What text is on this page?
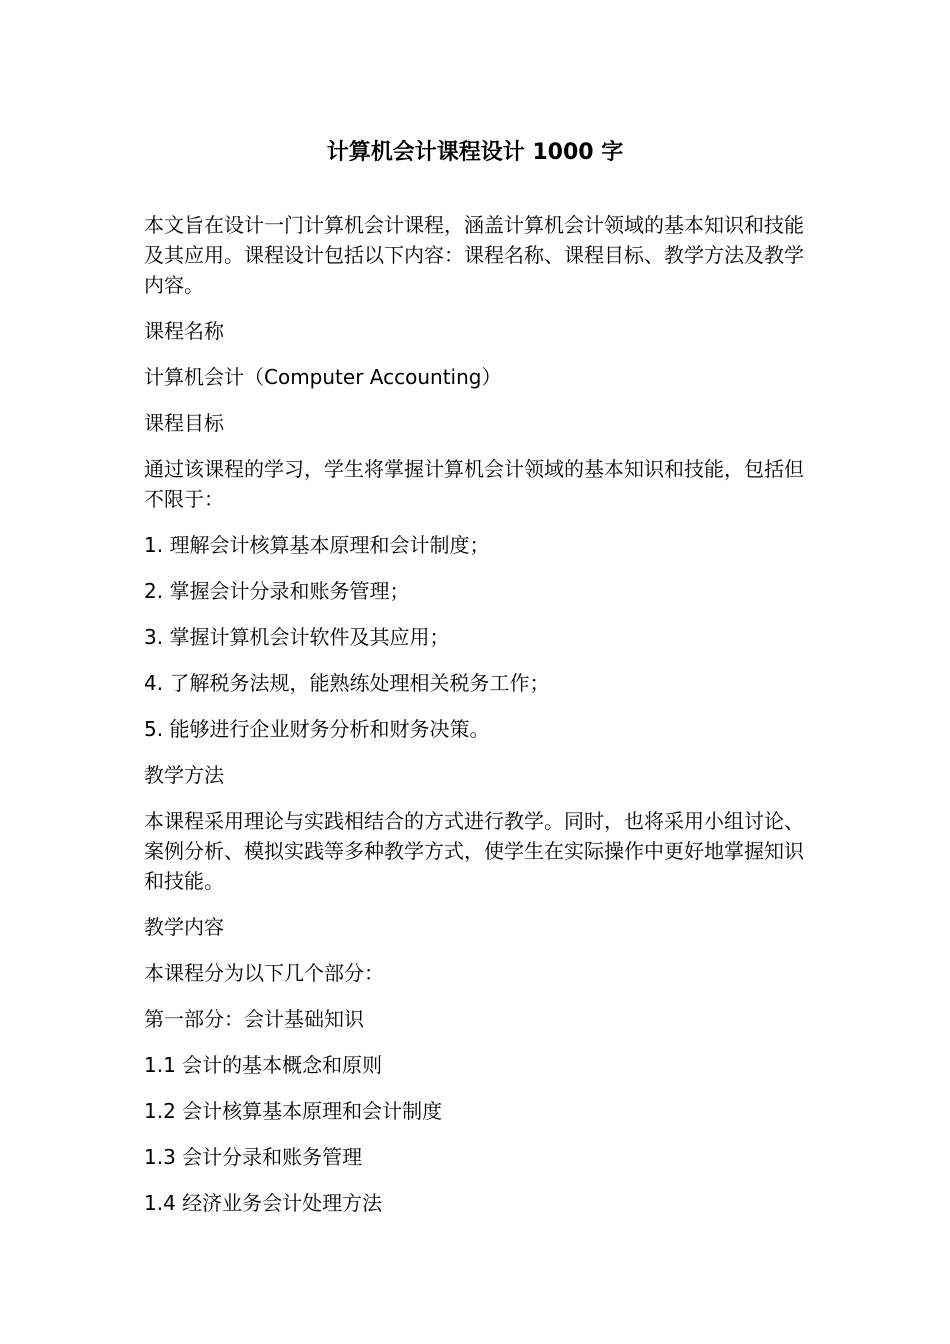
计算机会计课程设计 1000 字

本文旨在设计一门计算机会计课程，涵盖计算机会计领域的基本知识和技能及其应用。课程设计包括以下内容：课程名称、课程目标、教学方法及教学内容。

课程名称

计算机会计（Computer Accounting）

课程目标

通过该课程的学习，学生将掌握计算机会计领域的基本知识和技能，包括但不限于：

1. 理解会计核算基本原理和会计制度；

2. 掌握会计分录和账务管理；

3. 掌握计算机会计软件及其应用；

4. 了解税务法规，能熟练处理相关税务工作；

5. 能够进行企业财务分析和财务决策。

教学方法

本课程采用理论与实践相结合的方式进行教学。同时，也将采用小组讨论、案例分析、模拟实践等多种教学方式，使学生在实际操作中更好地掌握知识和技能。

教学内容

本课程分为以下几个部分：

第一部分：会计基础知识

1.1 会计的基本概念和原则

1.2 会计核算基本原理和会计制度

1.3 会计分录和账务管理

1.4 经济业务会计处理方法
